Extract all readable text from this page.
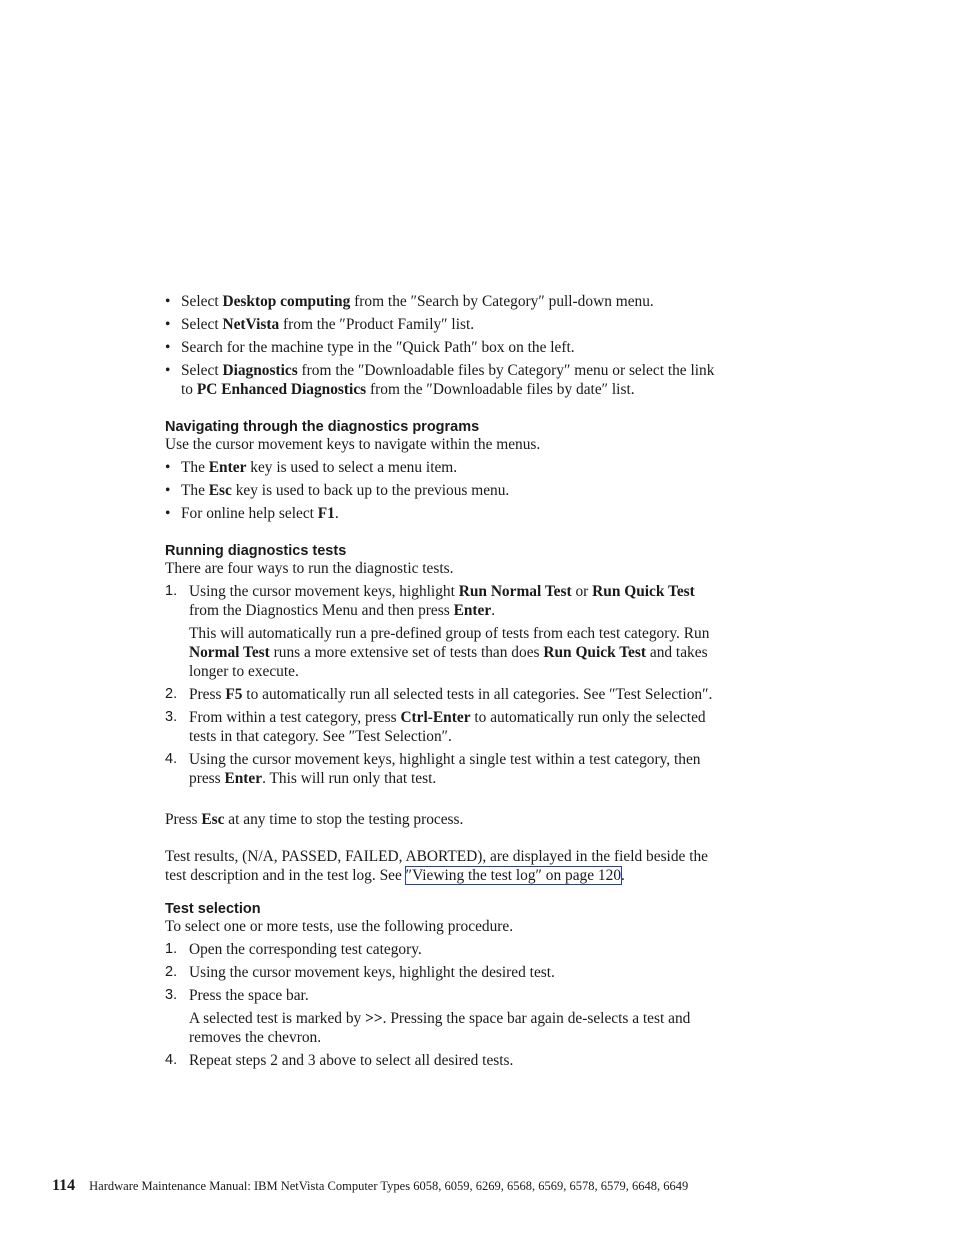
• Select Desktop computing from the ″Search by Category″ pull-down menu.
• Select NetVista from the ″Product Family″ list.
• Search for the machine type in the ″Quick Path″ box on the left.
• Select Diagnostics from the ″Downloadable files by Category″ menu or select the link to PC Enhanced Diagnostics from the ″Downloadable files by date″ list.
Navigating through the diagnostics programs

Use the cursor movement keys to navigate within the menus.

• The Enter key is used to select a menu item.
• The Esc key is used to back up to the previous menu.
• For online help select F1.
Running diagnostics tests

There are four ways to run the diagnostic tests.

1. Using the cursor movement keys, highlight Run Normal Test or Run Quick Test from the Diagnostics Menu and then press Enter.
This will automatically run a pre-defined group of tests from each test category. Run Normal Test runs a more extensive set of tests than does Run Quick Test and takes longer to execute.
2. Press F5 to automatically run all selected tests in all categories. See ″Test Selection″.
3. From within a test category, press Ctrl-Enter to automatically run only the selected tests in that category. See ″Test Selection″.
4. Using the cursor movement keys, highlight a single test within a test category, then press Enter. This will run only that test.

Press Esc at any time to stop the testing process.

Test results, (N/A, PASSED, FAILED, ABORTED), are displayed in the field beside the test description and in the test log. See ″Viewing the test log″ on page 120.

Test selection

To select one or more tests, use the following procedure.

1. Open the corresponding test category.
2. Using the cursor movement keys, highlight the desired test.
3. Press the space bar.
A selected test is marked by >>. Pressing the space bar again de-selects a test and removes the chevron.
4. Repeat steps 2 and 3 above to select all desired tests.
114 Hardware Maintenance Manual: IBM NetVista Computer Types 6058, 6059, 6269, 6568, 6569, 6578, 6579, 6648, 6649
